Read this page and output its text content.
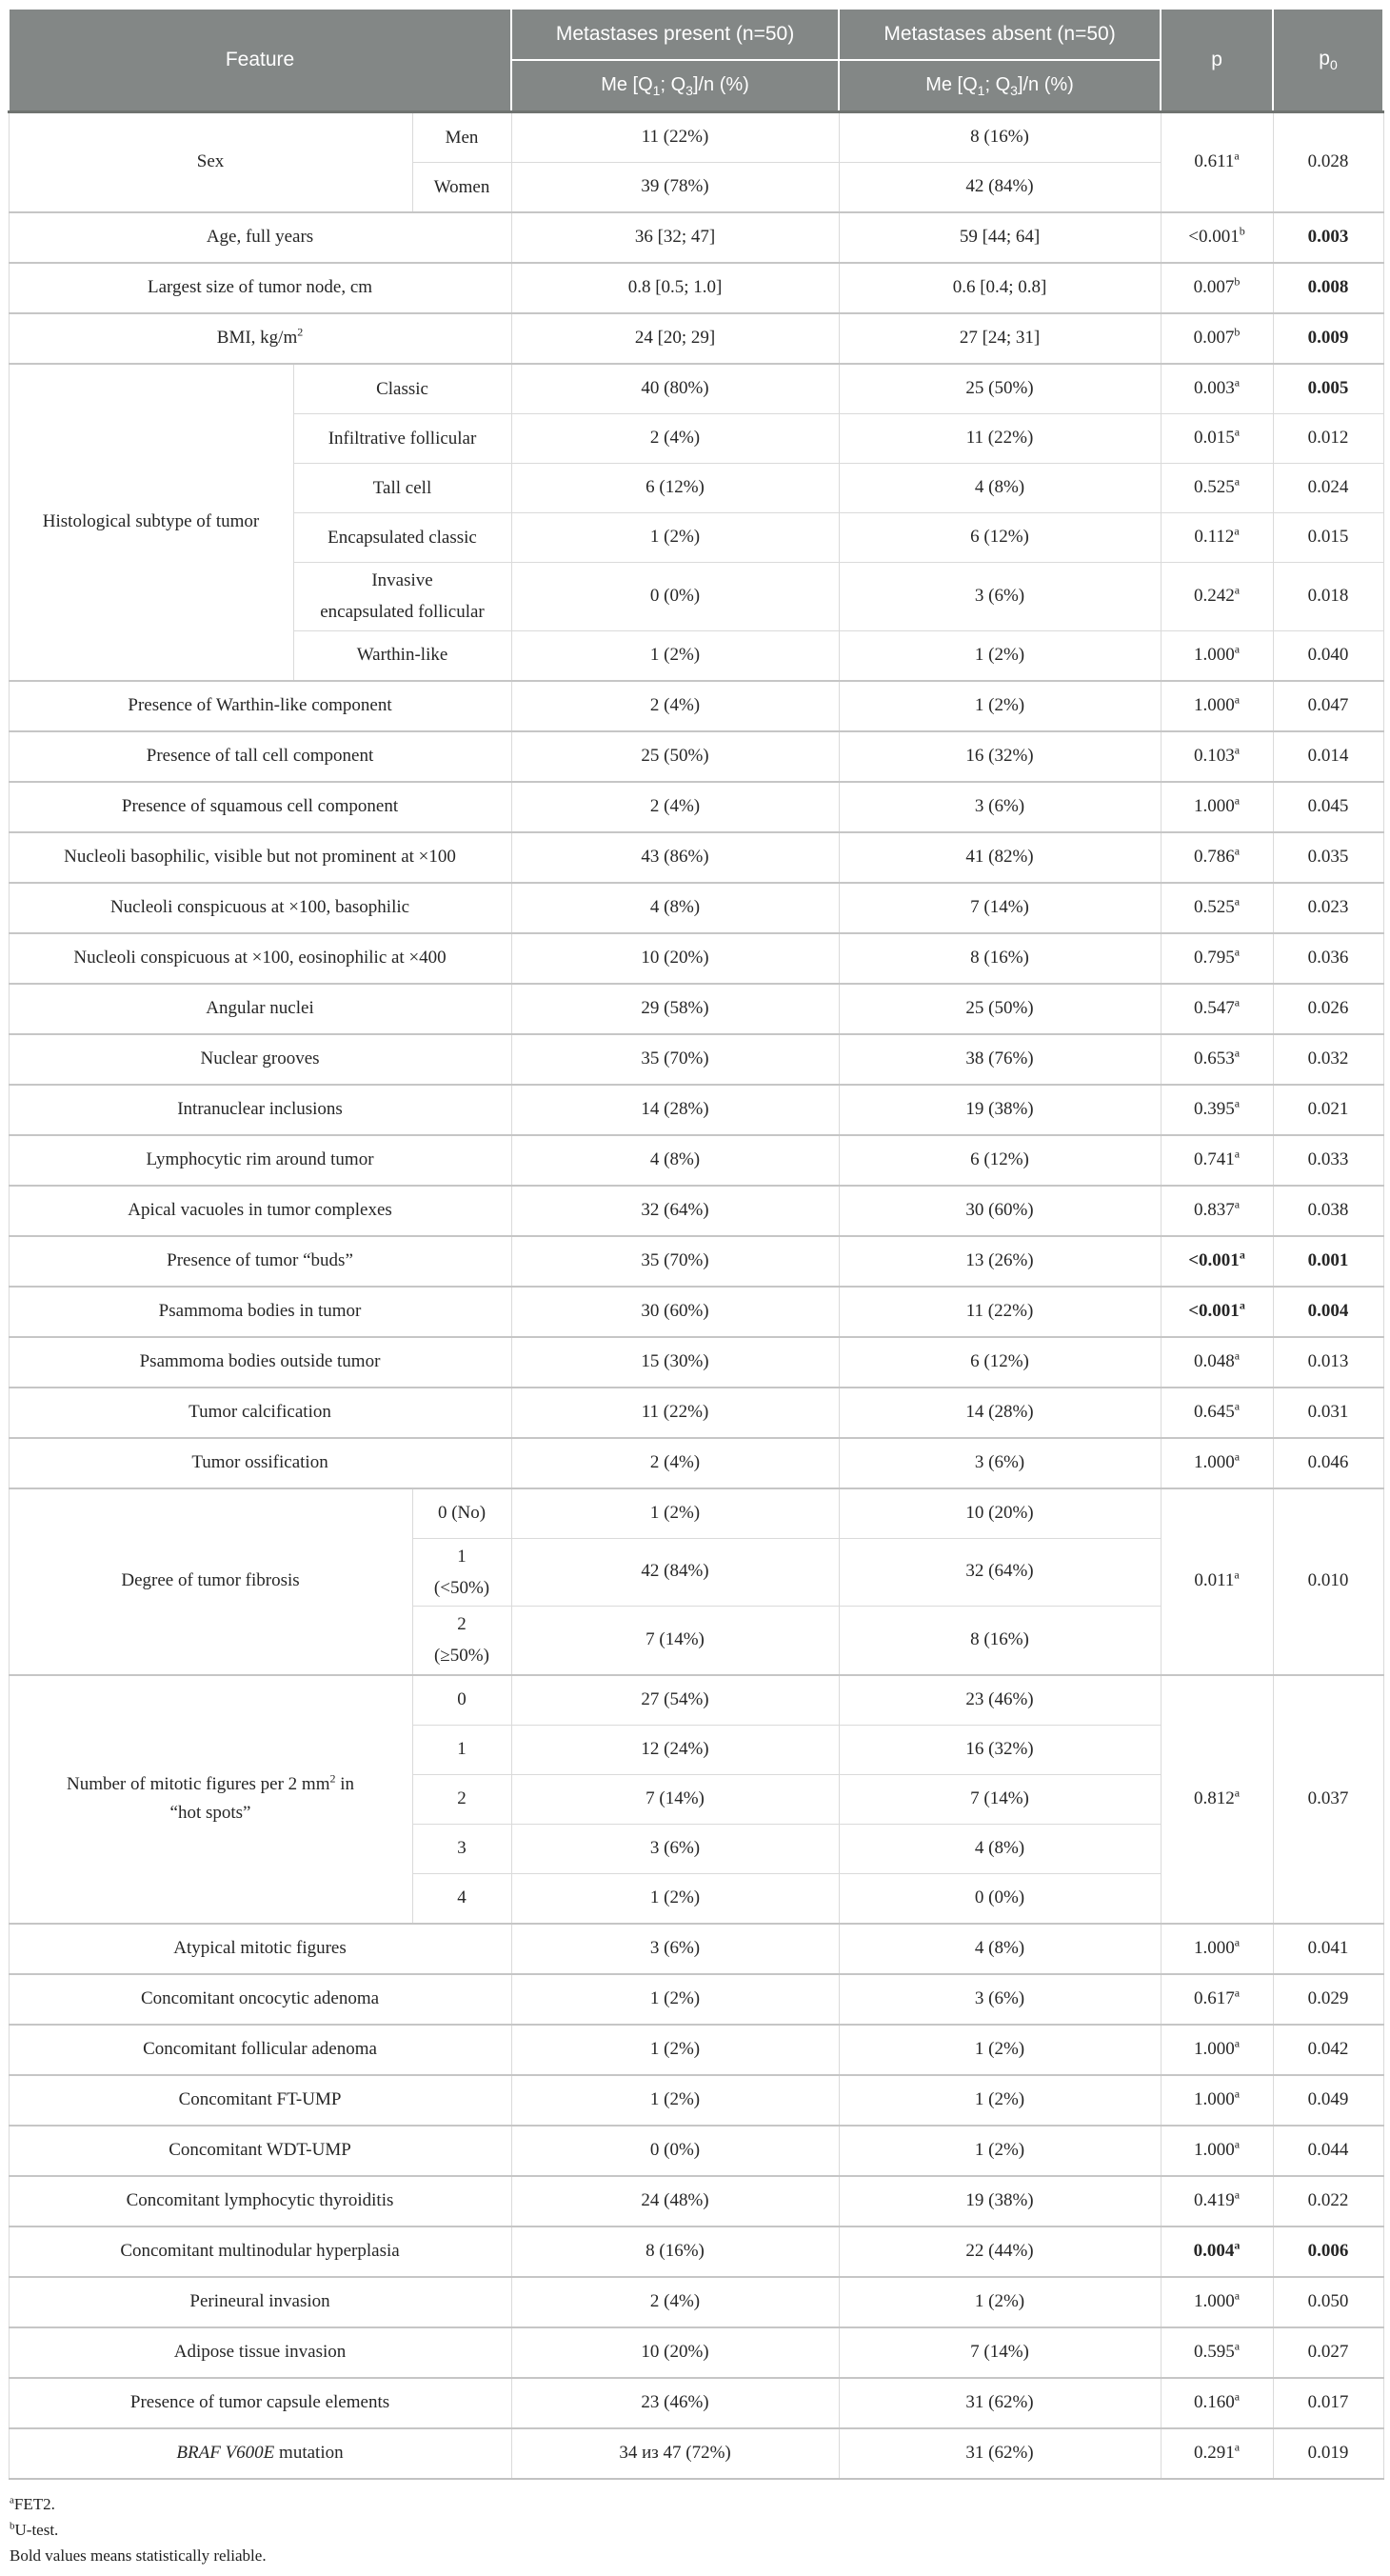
Feature			Metastases present (n=50)	Metastases absent (n=50)	p	$p_0$
			Me [$Q_1$; $Q_3]/n$ (%)	Me [$Q_1$; $Q_3]/n$ (%)		
Sex		Men	11 (22%)	8 (16%)	0.611$^a$	0.028
		Women	39 (78%)	42 (84%)		
Age, full years			36 [32; 47]	59 [44; 64]	<0.001$^b$	0.003
Largest size of tumor node, cm			0.8 [0.5; 1.0]	0.6 [0.4; 0.8]	0.007$^b$	0.008
BMI, $kg/m^2$			24 [20; 29]	27 [24; 31]	0.007$^b$	0.009
Histological subtype of tumor	Classic		40 (80%)	25 (50%)	0.003$^a$	0.005
	Infiltrative follicular		2 (4%)	11 (22%)	0.015$^a$	0.012
	Tall cell		6 (12%)	4 (8%)	0.525$^a$	0.024
	Encapsulated classic		1 (2%)	6 (12%)	0.112$^a$	0.015
	Invasive
encapsulated follicular		0 (0%)	3 (6%)	0.242$^a$	0.018
	Warthin-like		1 (2%)	1 (2%)	1.000$^a$	0.040
Presence of Warthin-like component			2 (4%)	1 (2%)	1.000$^a$	0.047
Presence of tall cell component			25 (50%)	16 (32%)	0.103$^a$	0.014
Presence of squamous cell component			2 (4%)	3 (6%)	1.000$^a$	0.045
Nucleoli basophilic, visible but not prominent at ×100			43 (86%)	41 (82%)	0.786$^a$	0.035
Nucleoli conspicuous at ×100, basophilic			4 (8%)	7 (14%)	0.525$^a$	0.023
Nucleoli conspicuous at ×100, eosinophilic at ×400			10 (20%)	8 (16%)	0.795$^a$	0.036
Angular nuclei			29 (58%)	25 (50%)	0.547$^a$	0.026
Nuclear grooves			35 (70%)	38 (76%)	0.653$^a$	0.032
Intranuclear inclusions			14 (28%)	19 (38%)	0.395$^a$	0.021
Lymphocytic rim around tumor			4 (8%)	6 (12%)	0.741$^a$	0.033
Apical vacuoles in tumor complexes			32 (64%)	30 (60%)	0.837$^a$	0.038
Presence of tumor “buds”			35 (70%)	13 (26%)	<0.001$^a$	0.001
Psammoma bodies in tumor			30 (60%)	11 (22%)	<0.001$^a$	0.004
Psammoma bodies outside tumor			15 (30%)	6 (12%)	0.048$^a$	0.013
Tumor calcification			11 (22%)	14 (28%)	0.645$^a$	0.031
Tumor ossification			2 (4%)	3 (6%)	1.000$^a$	0.046
Degree of tumor fibrosis		0 (No)	1 (2%)	10 (20%)	0.011$^a$	0.010
		1
(<50%)	42 (84%)	32 (64%)		
		2
(≥50%)	7 (14%)	8 (16%)		
Number of mitotic figures per 2 $mm^2$ in
“hot spots”		0	27 (54%)	23 (46%)	0.812$^a$	0.037
		1	12 (24%)	16 (32%)		
		2	7 (14%)	7 (14%)		
		3	3 (6%)	4 (8%)		
		4	1 (2%)	0 (0%)		
Atypical mitotic figures			3 (6%)	4 (8%)	1.000$^a$	0.041
Concomitant oncocytic adenoma			1 (2%)	3 (6%)	0.617$^a$	0.029
Concomitant follicular adenoma			1 (2%)	1 (2%)	1.000$^a$	0.042
Concomitant FT-UMP			1 (2%)	1 (2%)	1.000$^a$	0.049
Concomitant WDT-UMP			0 (0%)	1 (2%)	1.000$^a$	0.044
Concomitant lymphocytic thyroiditis			24 (48%)	19 (38%)	0.419$^a$	0.022
Concomitant multinodular hyperplasia			8 (16%)	22 (44%)	0.004$^a$	0.006
Perineural invasion			2 (4%)	1 (2%)	1.000$^a$	0.050
Adipose tissue invasion			10 (20%)	7 (14%)	0.595$^a$	0.027
Presence of tumor capsule elements			23 (46%)	31 (62%)	0.160$^a$	0.017
BRAF V600E mutation			34 из 47 (72%)	31 (62%)	0.291$^a$	0.019
$^a$FET2.
$^b$U-test.
Bold values means statistically reliable.
